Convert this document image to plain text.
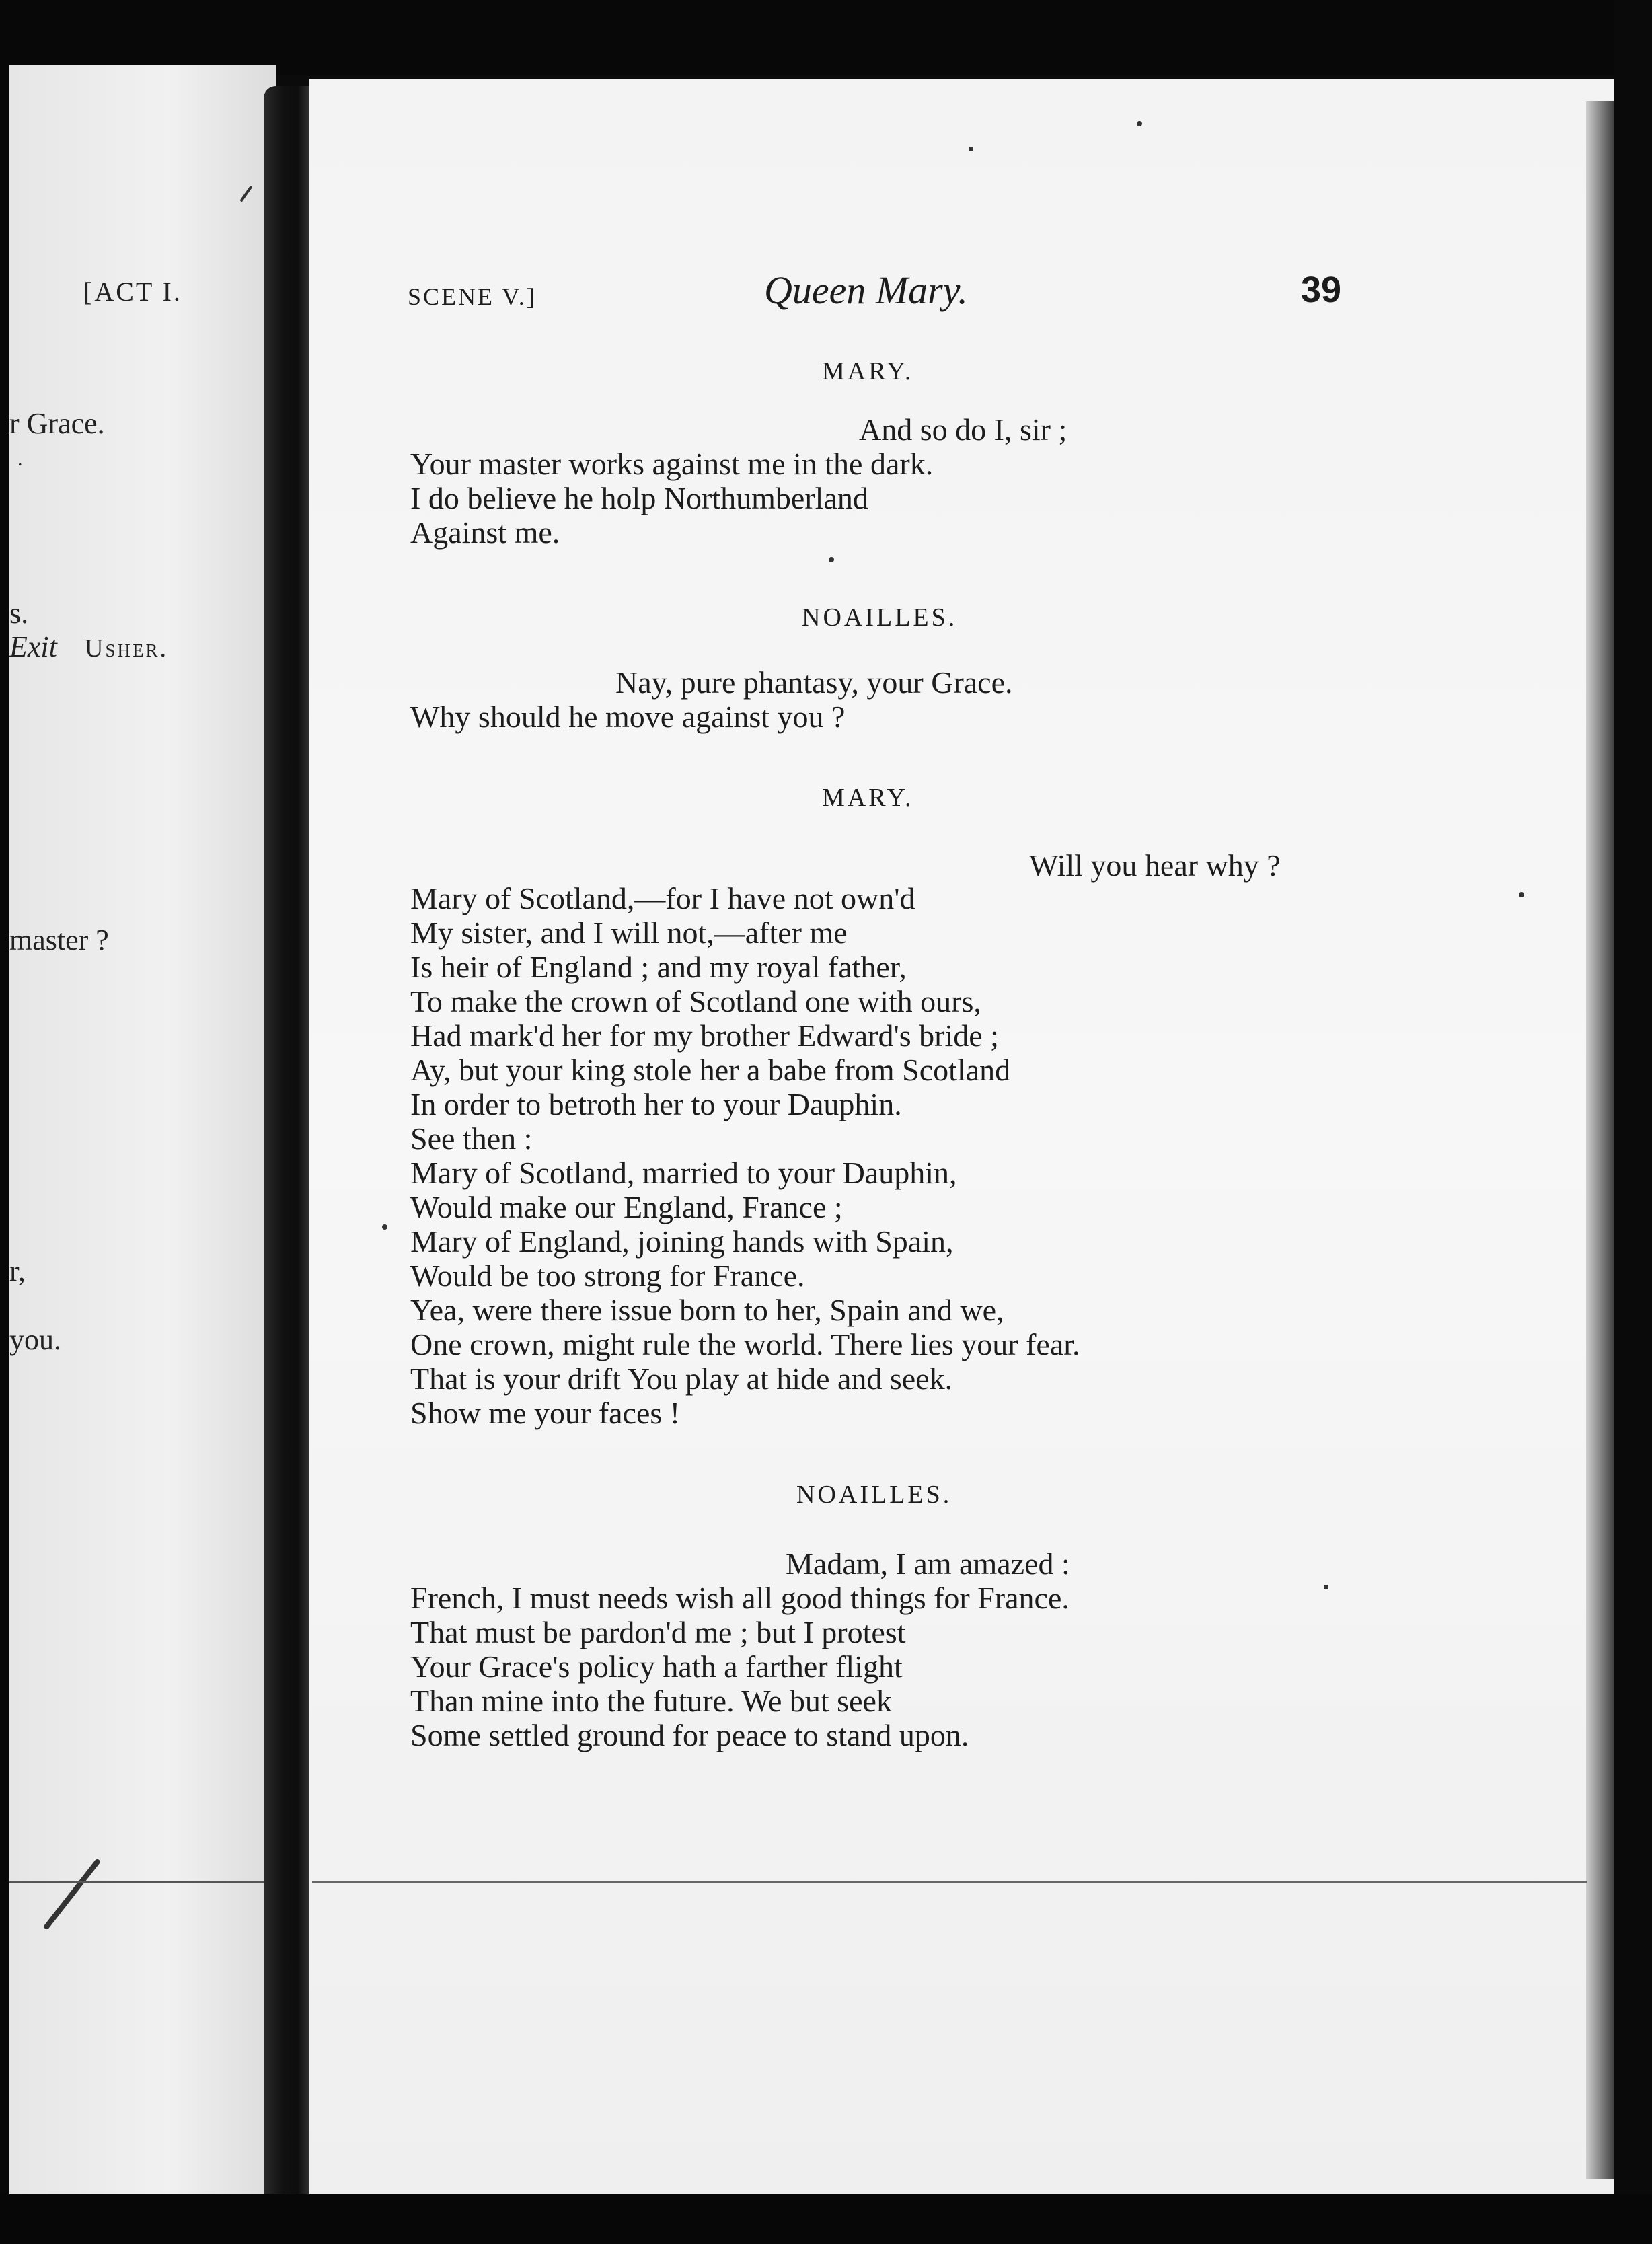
[ACT I.
r Grace.
.
s.
Exit Usher.
master ?
r,
you.
SCENE V.]	Queen Mary.	39
MARY.
And so do I, sir ;
Your master works against me in the dark.
I do believe he holp Northumberland
Against me.
NOAILLES.
Nay, pure phantasy, your Grace.
Why should he move against you ?
MARY.
Will you hear why ?
Mary of Scotland,—for I have not own'd
My sister, and I will not,—after me
Is heir of England ; and my royal father,
To make the crown of Scotland one with ours,
Had mark'd her for my brother Edward's bride ;
Ay, but your king stole her a babe from Scotland
In order to betroth her to your Dauphin.
See then :
Mary of Scotland, married to your Dauphin,
Would make our England, France ;
Mary of England, joining hands with Spain,
Would be too strong for France.
Yea, were there issue born to her, Spain and we,
One crown, might rule the world. There lies your fear.
That is your drift You play at hide and seek.
Show me your faces !
NOAILLES.
Madam, I am amazed :
French, I must needs wish all good things for France.
That must be pardon'd me ; but I protest
Your Grace's policy hath a farther flight
Than mine into the future. We but seek
Some settled ground for peace to stand upon.
